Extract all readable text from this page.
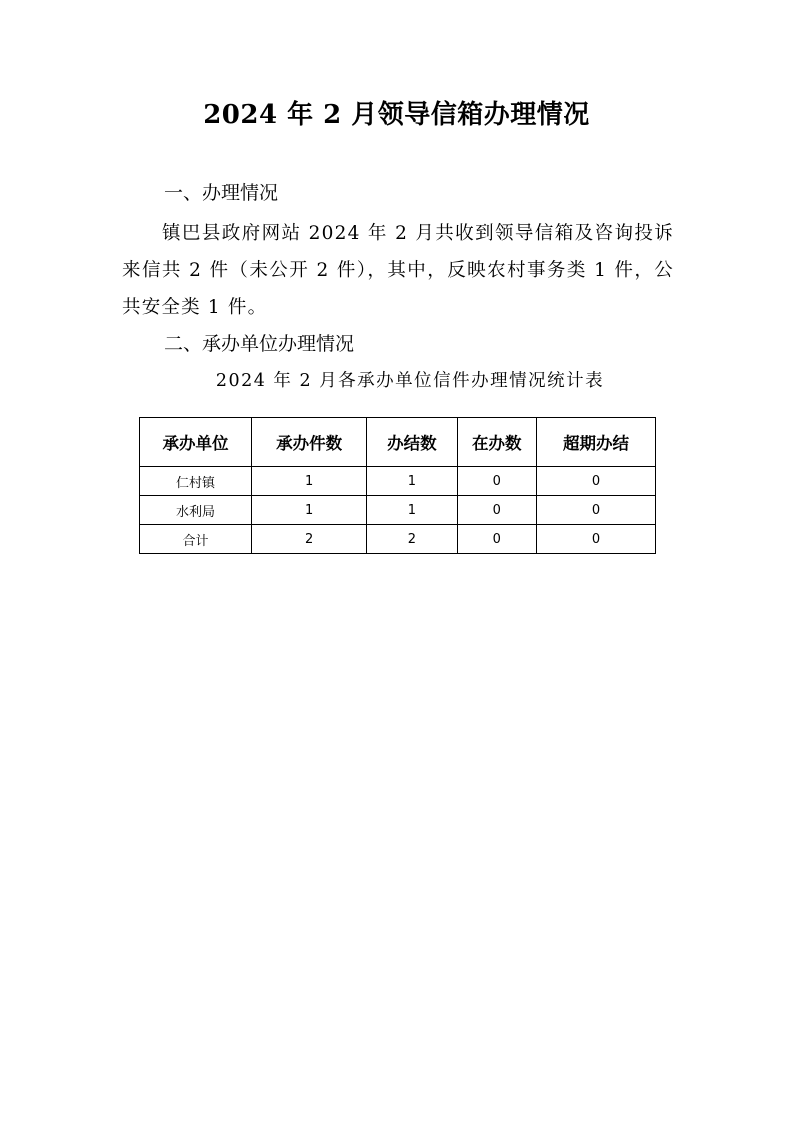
2024 年 2 月领导信箱办理情况
一、办理情况

镇巴县政府网站 2024 年 2 月共收到领导信箱及咨询投诉来信共 2 件（未公开 2 件），其中，反映农村事务类 1 件，公共安全类 1 件。

二、承办单位办理情况
2024 年 2 月各承办单位信件办理情况统计表
承办单位	承办件数	办结数	在办数	超期办结
仁村镇	1	1	0	0
水利局	1	1	0	0
合计	2	2	0	0
